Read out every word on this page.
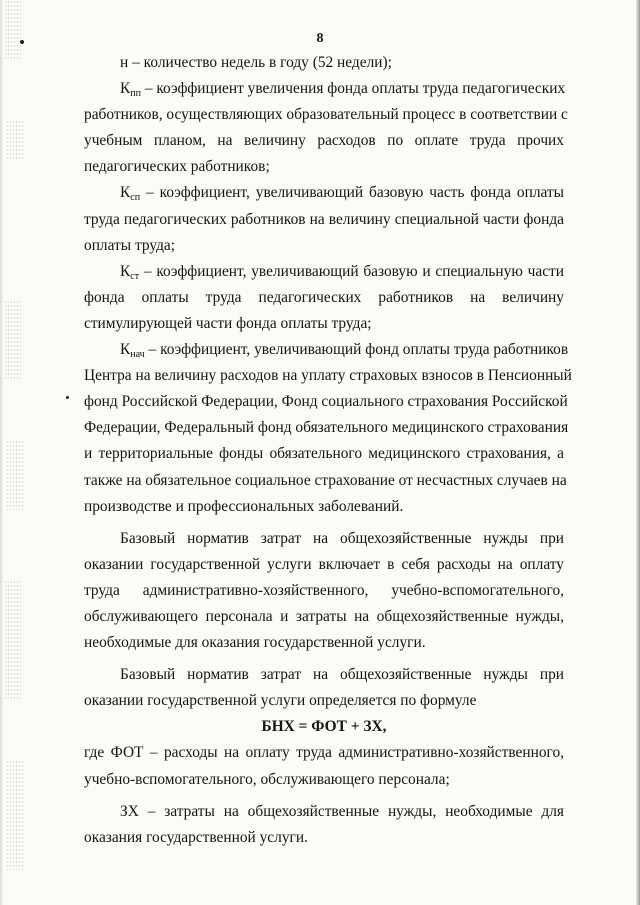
8
н – количество недель в году (52 недели);
$К_{пп}$ – коэффициент увеличения фонда оплаты труда педагогических
работников, осуществляющих образовательный процесс в соответствии с
учебным планом, на величину расходов по оплате труда прочих
педагогических работников;
$К_{сп}$ – коэффициент, увеличивающий базовую часть фонда оплаты
труда педагогических работников на величину специальной части фонда
оплаты труда;
$К_{ст}$ – коэффициент, увеличивающий базовую и специальную части
фонда оплаты труда педагогических работников на величину
стимулирующей части фонда оплаты труда;
$К_{нач}$ – коэффициент, увеличивающий фонд оплаты труда работников
Центра на величину расходов на уплату страховых взносов в Пенсионный
фонд Российской Федерации, Фонд социального страхования Российской
Федерации, Федеральный фонд обязательного медицинского страхования
и территориальные фонды обязательного медицинского страхования, а
также на обязательное социальное страхование от несчастных случаев на
производстве и профессиональных заболеваний.
Базовый норматив затрат на общехозяйственные нужды при
оказании государственной услуги включает в себя расходы на оплату
труда административно-хозяйственного, учебно-вспомогательного,
обслуживающего персонала и затраты на общехозяйственные нужды,
необходимые для оказания государственной услуги.
Базовый норматив затрат на общехозяйственные нужды при
оказании государственной услуги определяется по формуле
БНХ = ФОТ + ЗХ,
где ФОТ – расходы на оплату труда административно-хозяйственного,
учебно-вспомогательного, обслуживающего персонала;
ЗХ – затраты на общехозяйственные нужды, необходимые для
оказания государственной услуги.
